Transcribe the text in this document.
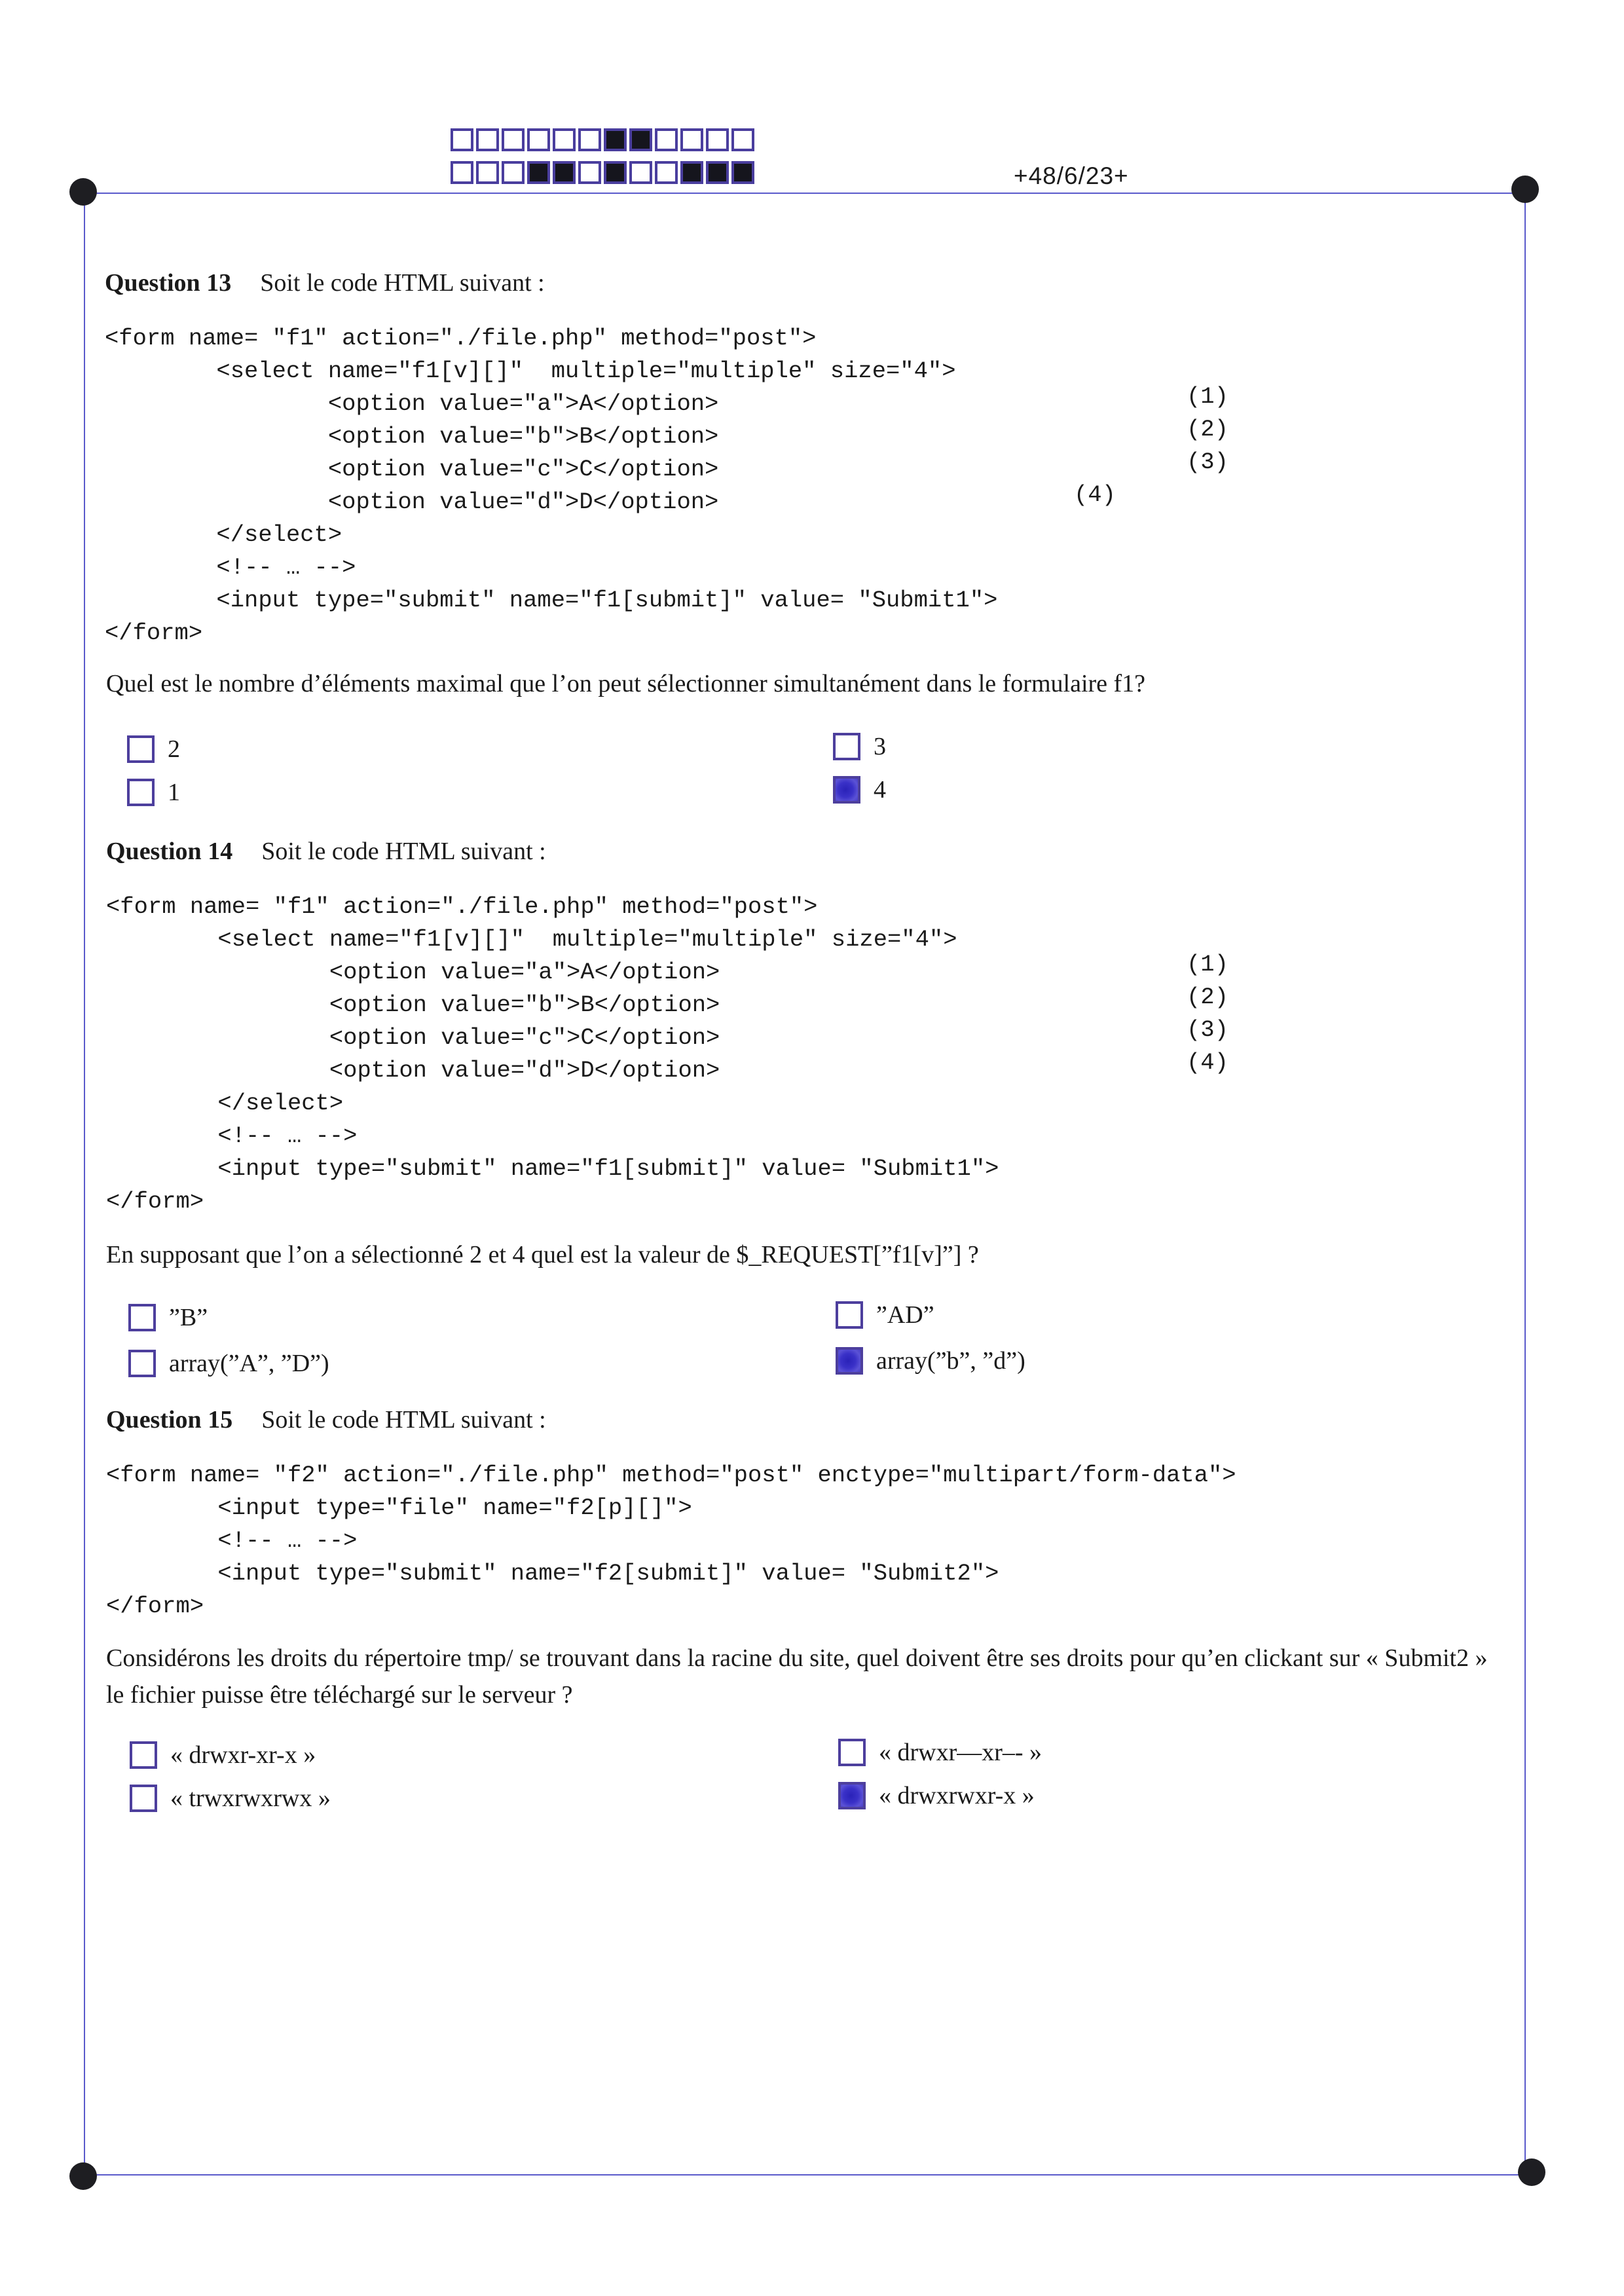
+48/6/23+
Question 13 Soit le code HTML suivant :
<form name= "f1" action="./file.php" method="post">
<select name="f1[v][]"  multiple="multiple" size="4">
<option value="a">A</option>
<option value="b">B</option>
<option value="c">C</option>
<option value="d">D</option>
</select>
<!-- … -->
<input type="submit" name="f1[submit]" value= "Submit1">
</form>
(1)
(2)
(3)
(4)
Quel est le nombre d’éléments maximal que l’on peut sélectionner simultanément dans le formulaire f1?
2
1
3
4
Question 14 Soit le code HTML suivant :
<form name= "f1" action="./file.php" method="post">
<select name="f1[v][]"  multiple="multiple" size="4">
<option value="a">A</option>
<option value="b">B</option>
<option value="c">C</option>
<option value="d">D</option>
</select>
<!-- … -->
<input type="submit" name="f1[submit]" value= "Submit1">
</form>
(1)
(2)
(3)
(4)
En supposant que l’on a sélectionné 2 et 4 quel est la valeur de $_REQUEST[”f1[v]”] ?
”B”
array(”A”, ”D”)
”AD”
array(”b”, ”d”)
Question 15 Soit le code HTML suivant :
<form name= "f2" action="./file.php" method="post" enctype="multipart/form-data">
<input type="file" name="f2[p][]">
<!-- … -->
<input type="submit" name="f2[submit]" value= "Submit2">
</form>
Considérons les droits du répertoire tmp/ se trouvant dans la racine du site, quel doivent être ses droits pour qu’en clickant sur « Submit2 » le fichier puisse être téléchargé sur le serveur ?
« drwxr-xr-x »
« trwxrwxrwx »
« drwxr—xr–- »
« drwxrwxr-x »
